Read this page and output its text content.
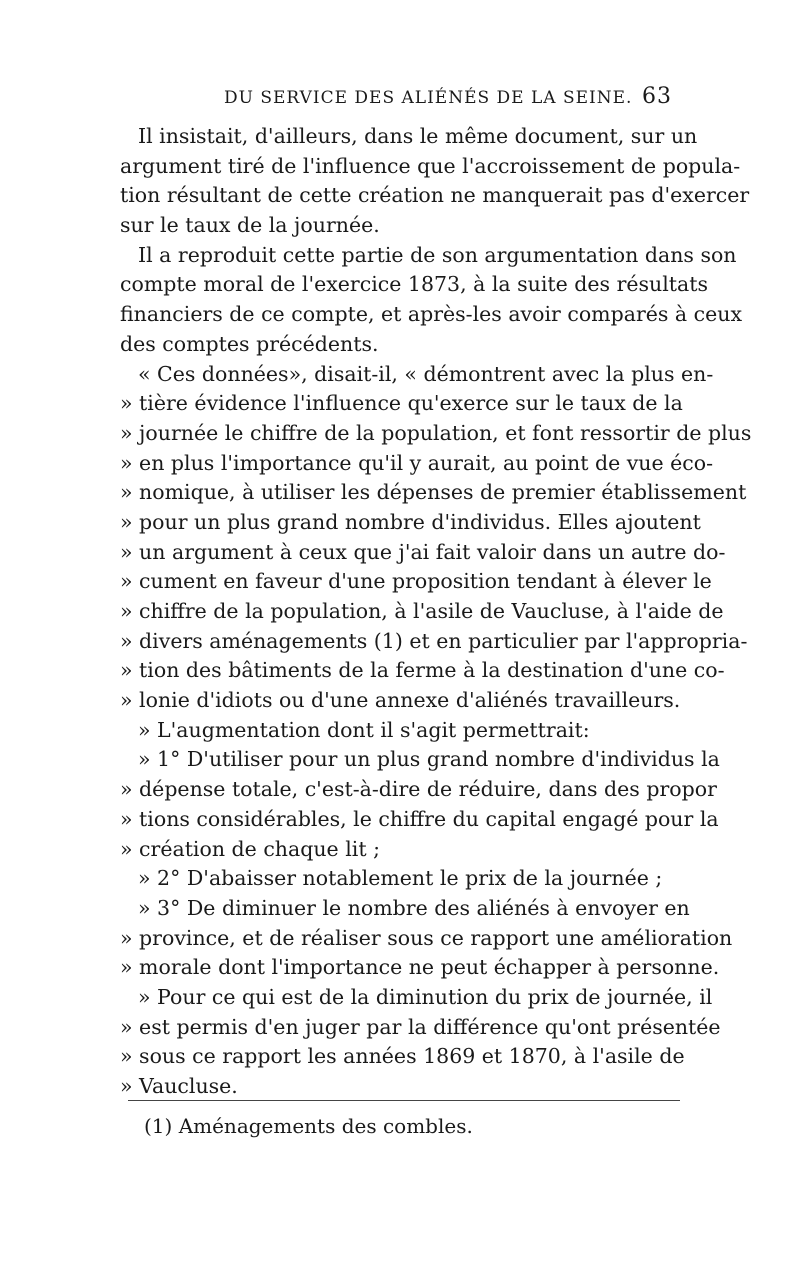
DU SERVICE DES ALIÉNÉS DE LA SEINE. 63
Il insistait, d'ailleurs, dans le même document, sur un
argument tiré de l'influence que l'accroissement de popula-
tion résultant de cette création ne manquerait pas d'exercer
sur le taux de la journée.
Il a reproduit cette partie de son argumentation dans son
compte moral de l'exercice 1873, à la suite des résultats
financiers de ce compte, et après-les avoir comparés à ceux
des comptes précédents.
« Ces données», disait-il, « démontrent avec la plus en-
» tière évidence l'influence qu'exerce sur le taux de la
» journée le chiffre de la population, et font ressortir de plus
» en plus l'importance qu'il y aurait, au point de vue éco-
» nomique, à utiliser les dépenses de premier établissement
» pour un plus grand nombre d'individus. Elles ajoutent
» un argument à ceux que j'ai fait valoir dans un autre do-
» cument en faveur d'une proposition tendant à élever le
» chiffre de la population, à l'asile de Vaucluse, à l'aide de
» divers aménagements (1) et en particulier par l'appropria-
» tion des bâtiments de la ferme à la destination d'une co-
» lonie d'idiots ou d'une annexe d'aliénés travailleurs.
» L'augmentation dont il s'agit permettrait:
» 1° D'utiliser pour un plus grand nombre d'individus la
» dépense totale, c'est-à-dire de réduire, dans des propor
» tions considérables, le chiffre du capital engagé pour la
» création de chaque lit ;
» 2° D'abaisser notablement le prix de la journée ;
» 3° De diminuer le nombre des aliénés à envoyer en
» province, et de réaliser sous ce rapport une amélioration
» morale dont l'importance ne peut échapper à personne.
» Pour ce qui est de la diminution du prix de journée, il
» est permis d'en juger par la différence qu'ont présentée
» sous ce rapport les années 1869 et 1870, à l'asile de
» Vaucluse.
(1) Aménagements des combles.
